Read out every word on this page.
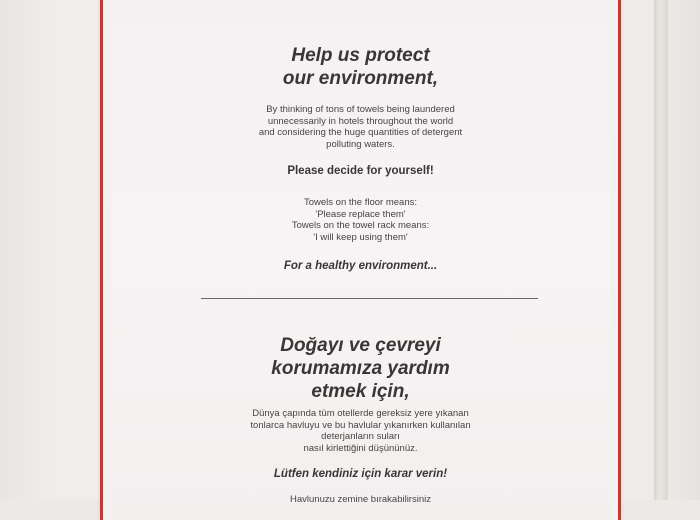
Help us protect
our environment,
By thinking of tons of towels being laundered
unnecessarily in hotels throughout the world
and considering the huge quantities of detergent
polluting waters.
Please decide for yourself!
Towels on the floor means:
'Please replace them'
Towels on the towel rack means:
'I will keep using them'
For a healthy environment...
Doğayı ve çevreyi
korumamıza yardım
etmek için,
Dünya çapında tüm otellerde gereksiz yere yıkanan
tonlarca havluyu ve bu havlular yıkanırken kullanılan
deterjanların suları
nasıl kirlettiğini düşününüz.
Lütfen kendiniz için karar verin!
Havlunuzu zemine bırakabilirsiniz
